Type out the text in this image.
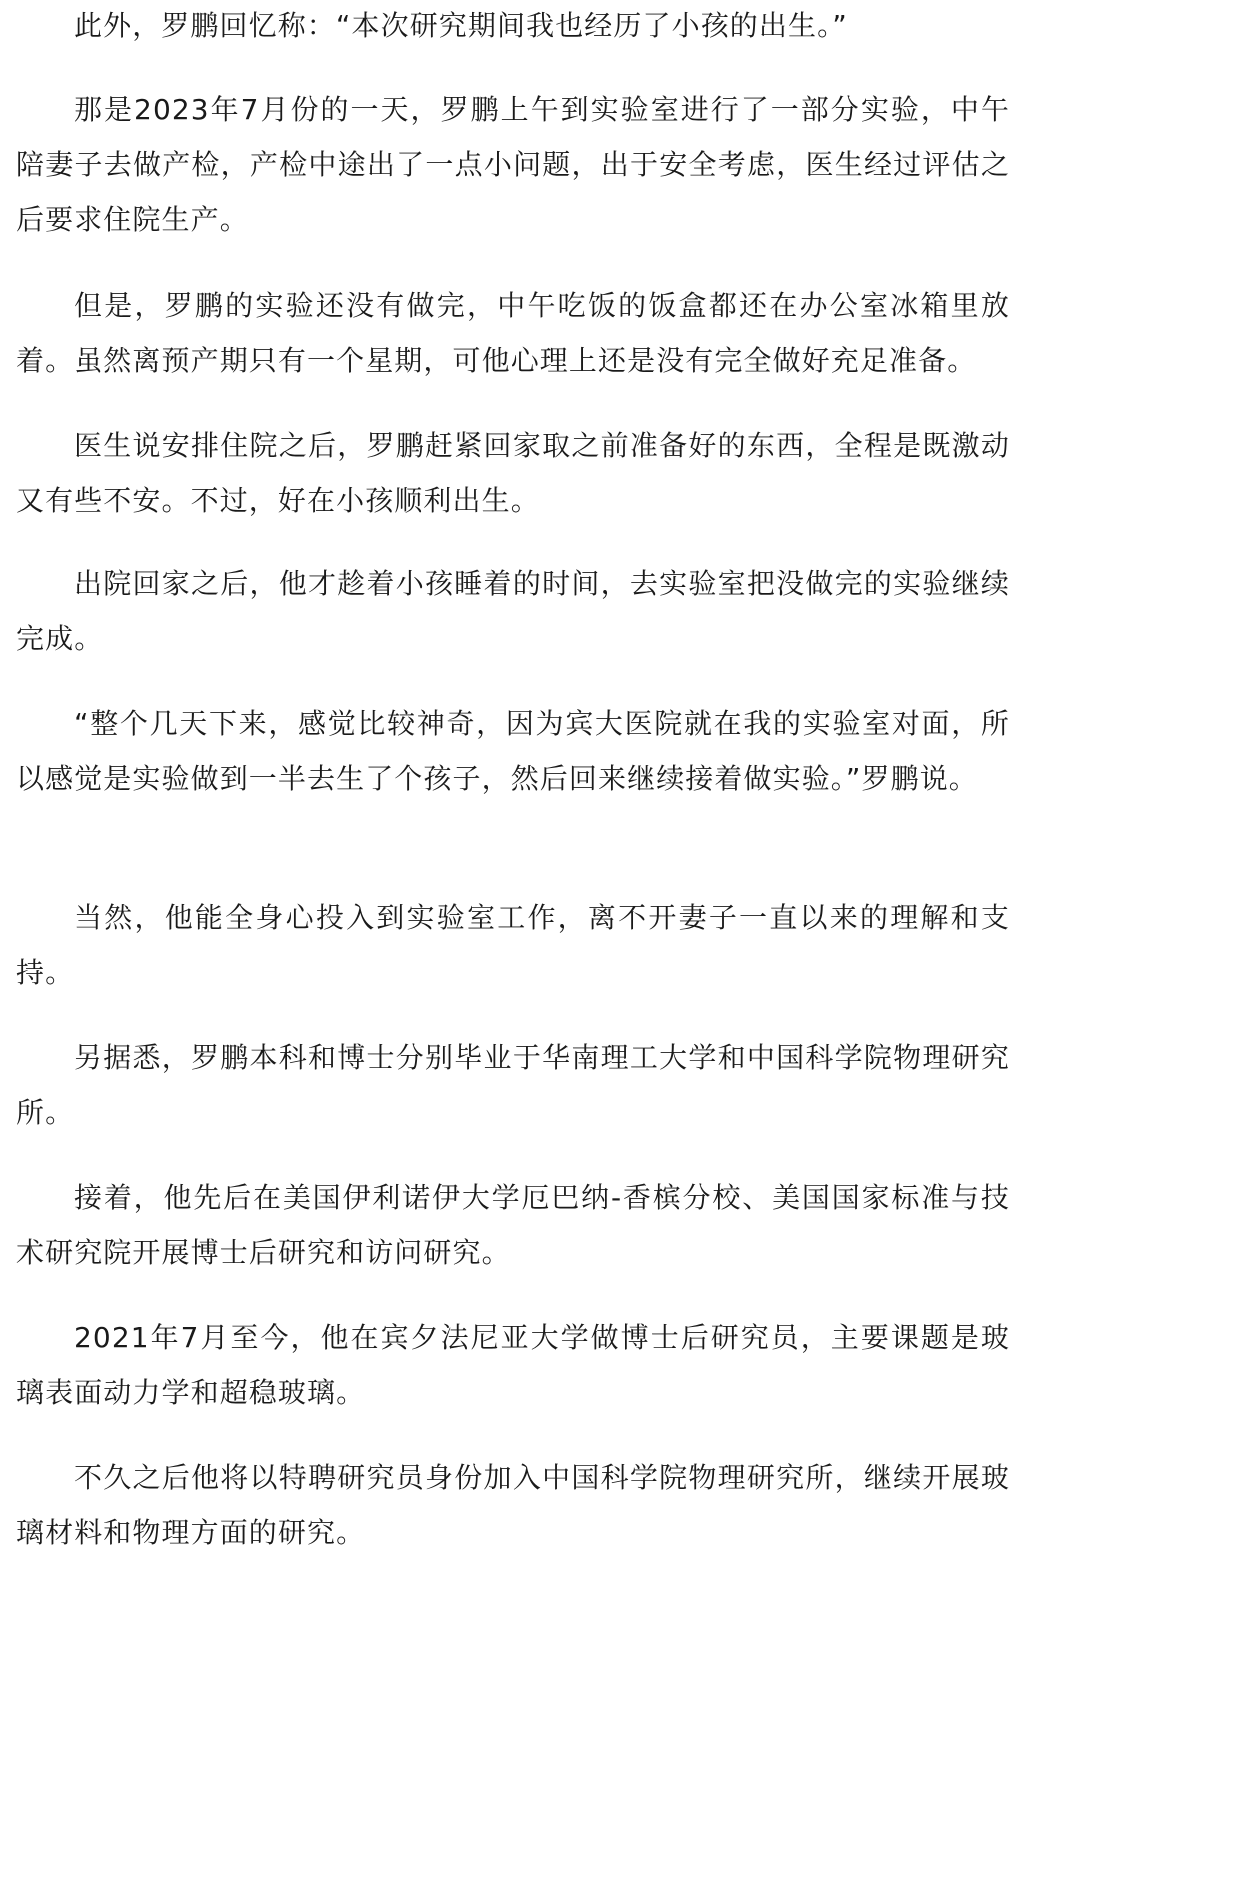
此外，罗鹏回忆称：“本次研究期间我也经历了小孩的出生。”

那是2023年7月份的一天，罗鹏上午到实验室进行了一部分实验，中午陪妻子去做产检，产检中途出了一点小问题，出于安全考虑，医生经过评估之后要求住院生产。

但是，罗鹏的实验还没有做完，中午吃饭的饭盒都还在办公室冰箱里放着。虽然离预产期只有一个星期，可他心理上还是没有完全做好充足准备。

医生说安排住院之后，罗鹏赶紧回家取之前准备好的东西，全程是既激动又有些不安。不过，好在小孩顺利出生。

出院回家之后，他才趁着小孩睡着的时间，去实验室把没做完的实验继续完成。

“整个几天下来，感觉比较神奇，因为宾大医院就在我的实验室对面，所以感觉是实验做到一半去生了个孩子，然后回来继续接着做实验。”罗鹏说。

当然，他能全身心投入到实验室工作，离不开妻子一直以来的理解和支持。

另据悉，罗鹏本科和博士分别毕业于华南理工大学和中国科学院物理研究所。

接着，他先后在美国伊利诺伊大学厄巴纳-香槟分校、美国国家标准与技术研究院开展博士后研究和访问研究。

2021年7月至今，他在宾夕法尼亚大学做博士后研究员，主要课题是玻璃表面动力学和超稳玻璃。

不久之后他将以特聘研究员身份加入中国科学院物理研究所，继续开展玻璃材料和物理方面的研究。
